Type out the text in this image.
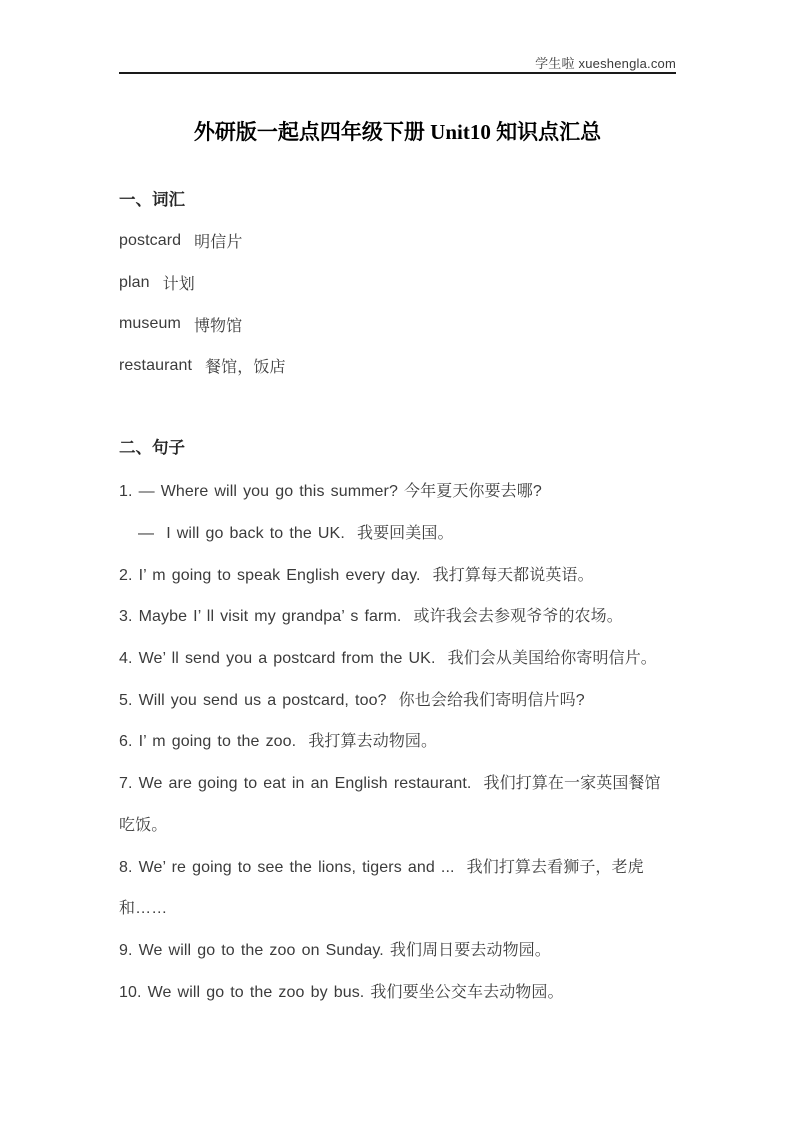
学生啦 xueshengla.com
外研版一起点四年级下册 Unit10 知识点汇总
一、词汇

postcard 明信片

plan 计划

museum 博物馆

restaurant 餐馆，饭店

二、句子

1. — Where will you go this summer? 今年夏天你要去哪?

—  I will go back to the UK.  我要回美国。

2. I’ m going to speak English every day.  我打算每天都说英语。

3. Maybe I’ ll visit my grandpa’ s farm.  或许我会去参观爷爷的农场。

4. We’ ll send you a postcard from the UK.  我们会从美国给你寄明信片。

5. Will you send us a postcard, too?  你也会给我们寄明信片吗?

6. I’ m going to the zoo.  我打算去动物园。

7. We are going to eat in an English restaurant.  我们打算在一家英国餐馆

吃饭。

8. We’ re going to see the lions, tigers and ...  我们打算去看狮子，老虎

和……

9. We will go to the zoo on Sunday. 我们周日要去动物园。

10. We will go to the zoo by bus. 我们要坐公交车去动物园。
